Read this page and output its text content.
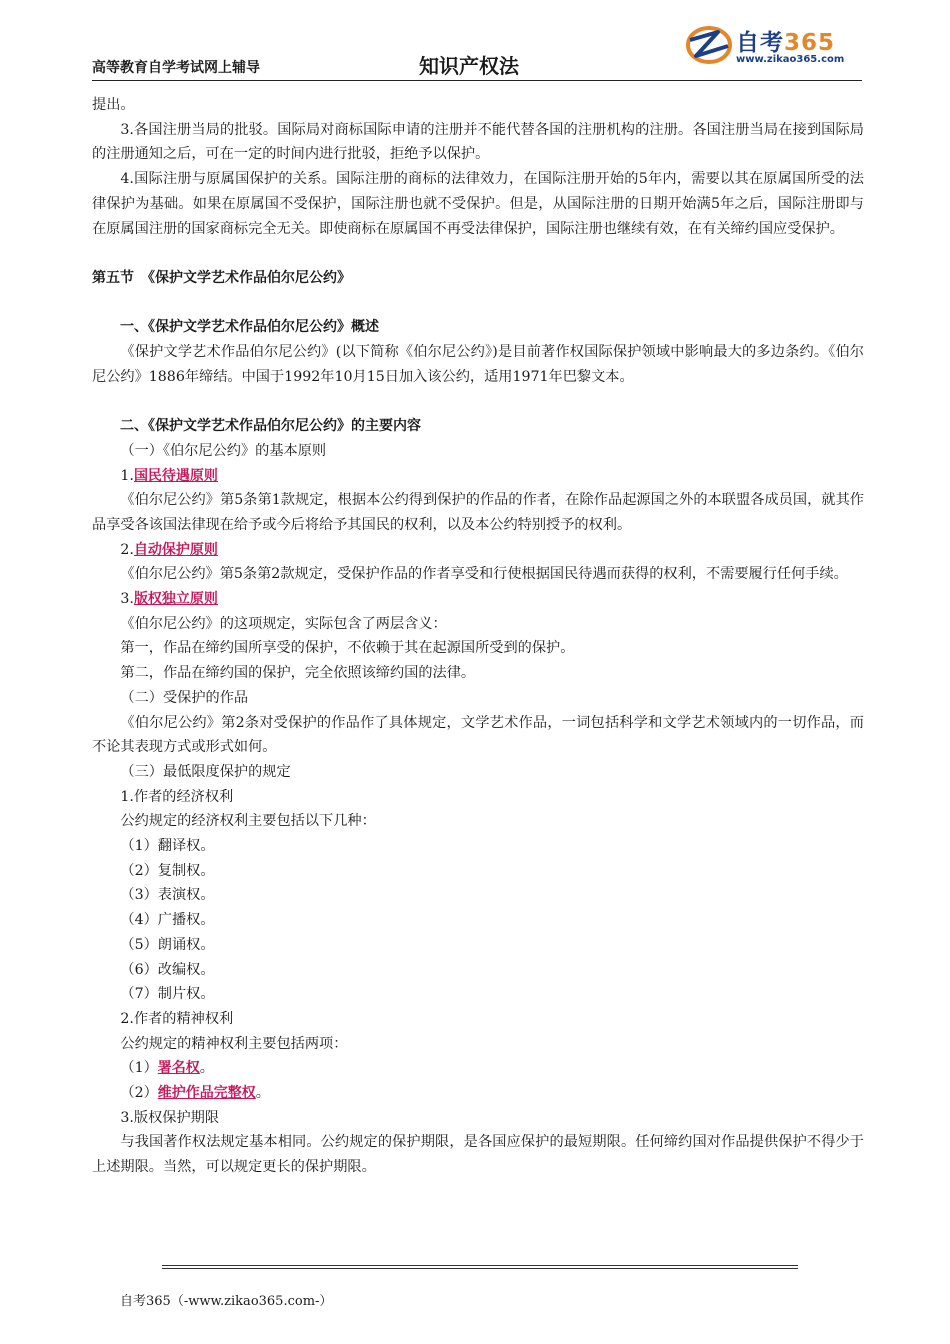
高等教育自学考试网上辅导	知识产权法
自考365
www.zikao365.com

提出。

3.各国注册当局的批驳。国际局对商标国际申请的注册并不能代替各国的注册机构的注册。各国注册当局在接到国际局的注册通知之后，可在一定的时间内进行批驳，拒绝予以保护。

4.国际注册与原属国保护的关系。国际注册的商标的法律效力，在国际注册开始的5年内，需要以其在原属国所受的法律保护为基础。如果在原属国不受保护，国际注册也就不受保护。但是，从国际注册的日期开始满5年之后，国际注册即与在原属国注册的国家商标完全无关。即使商标在原属国不再受法律保护，国际注册也继续有效，在有关缔约国应受保护。

第五节　《保护文学艺术作品伯尔尼公约》

一、《保护文学艺术作品伯尔尼公约》概述

《保护文学艺术作品伯尔尼公约》(以下简称《伯尔尼公约》)是目前著作权国际保护领域中影响最大的多边条约。《伯尔尼公约》1886年缔结。中国于1992年10月15日加入该公约，适用1971年巴黎文本。

二、《保护文学艺术作品伯尔尼公约》的主要内容

（一）《伯尔尼公约》的基本原则

1.国民待遇原则

《伯尔尼公约》第5条第1款规定，根据本公约得到保护的作品的作者，在除作品起源国之外的本联盟各成员国，就其作品享受各该国法律现在给予或今后将给予其国民的权利，以及本公约特别授予的权利。

2.自动保护原则

《伯尔尼公约》第5条第2款规定，受保护作品的作者享受和行使根据国民待遇而获得的权利，不需要履行任何手续。

3.版权独立原则

《伯尔尼公约》的这项规定，实际包含了两层含义：

第一，作品在缔约国所享受的保护，不依赖于其在起源国所受到的保护。

第二，作品在缔约国的保护，完全依照该缔约国的法律。

（二）受保护的作品

《伯尔尼公约》第2条对受保护的作品作了具体规定，文学艺术作品，一词包括科学和文学艺术领域内的一切作品，而不论其表现方式或形式如何。

（三）最低限度保护的规定

1.作者的经济权利

公约规定的经济权利主要包括以下几种：

（1）翻译权。

（2）复制权。

（3）表演权。

（4）广播权。

（5）朗诵权。

（6）改编权。

（7）制片权。

2.作者的精神权利

公约规定的精神权利主要包括两项：

（1）署名权。

（2）维护作品完整权。

3.版权保护期限

与我国著作权法规定基本相同。公约规定的保护期限，是各国应保护的最短期限。任何缔约国对作品提供保护不得少于上述期限。当然，可以规定更长的保护期限。

自考365（-www.zikao365.com-）
